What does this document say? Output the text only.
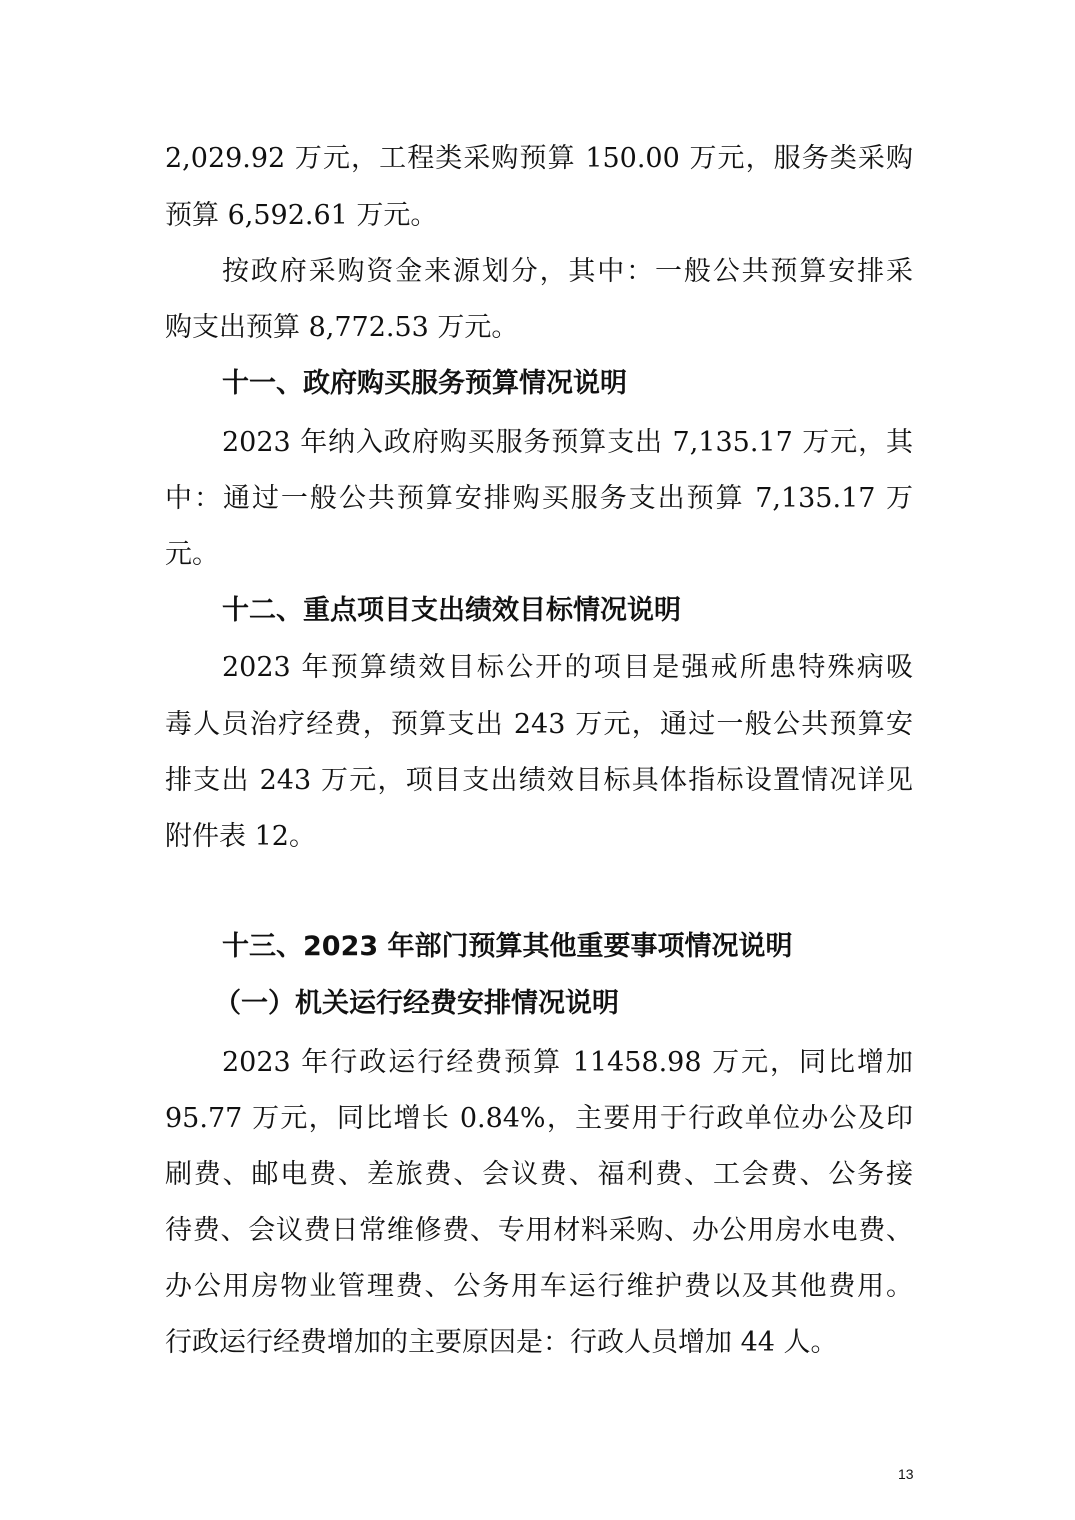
2,029.92 万元，工程类采购预算 150.00 万元，服务类采购
预算 6,592.61 万元。
按政府采购资金来源划分，其中：一般公共预算安排采
购支出预算 8,772.53 万元。
十一、政府购买服务预算情况说明
2023 年纳入政府购买服务预算支出 7,135.17 万元，其
中：通过一般公共预算安排购买服务支出预算 7,135.17 万
元。
十二、重点项目支出绩效目标情况说明
2023 年预算绩效目标公开的项目是强戒所患特殊病吸
毒人员治疗经费，预算支出 243 万元，通过一般公共预算安
排支出 243 万元，项目支出绩效目标具体指标设置情况详见
附件表 12。
十三、2023 年部门预算其他重要事项情况说明
（一）机关运行经费安排情况说明
2023 年行政运行经费预算 11458.98 万元，同比增加
95.77 万元，同比增长 0.84%，主要用于行政单位办公及印
刷费、邮电费、差旅费、会议费、福利费、工会费、公务接
待费、会议费日常维修费、专用材料采购、办公用房水电费、
办公用房物业管理费、公务用车运行维护费以及其他费用。
行政运行经费增加的主要原因是：行政人员增加 44 人。
13
